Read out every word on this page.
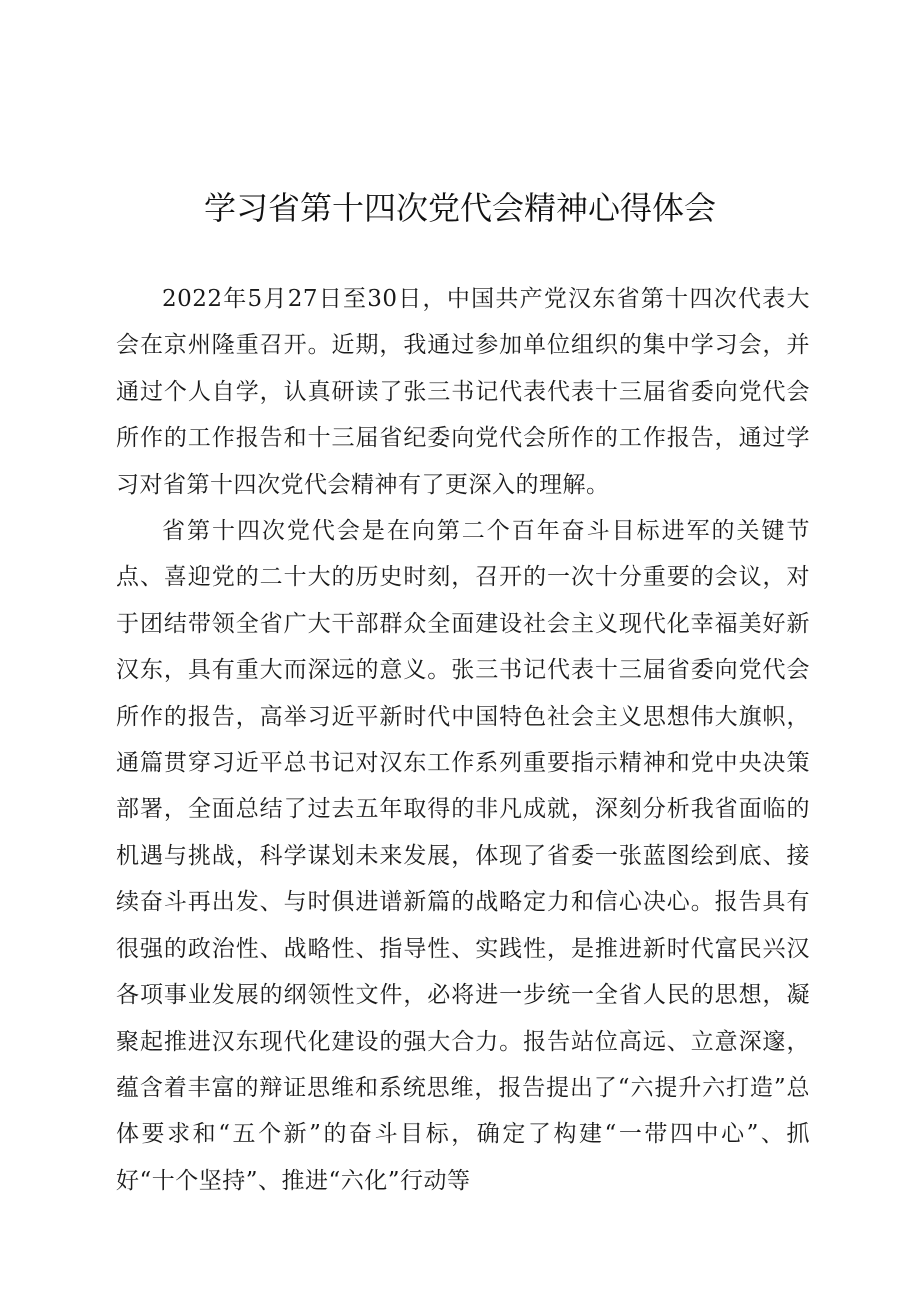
学习省第十四次党代会精神心得体会

2022年5月27日至30日，中国共产党汉东省第十四次代表大会在京州隆重召开。近期，我通过参加单位组织的集中学习会，并通过个人自学，认真研读了张三书记代表代表十三届省委向党代会所作的工作报告和十三届省纪委向党代会所作的工作报告，通过学习对省第十四次党代会精神有了更深入的理解。

省第十四次党代会是在向第二个百年奋斗目标进军的关键节点、喜迎党的二十大的历史时刻，召开的一次十分重要的会议，对于团结带领全省广大干部群众全面建设社会主义现代化幸福美好新汉东，具有重大而深远的意义。张三书记代表十三届省委向党代会所作的报告，高举习近平新时代中国特色社会主义思想伟大旗帜，通篇贯穿习近平总书记对汉东工作系列重要指示精神和党中央决策部署，全面总结了过去五年取得的非凡成就，深刻分析我省面临的机遇与挑战，科学谋划未来发展，体现了省委一张蓝图绘到底、接续奋斗再出发、与时俱进谱新篇的战略定力和信心决心。报告具有很强的政治性、战略性、指导性、实践性，是推进新时代富民兴汉各项事业发展的纲领性文件，必将进一步统一全省人民的思想，凝聚起推进汉东现代化建设的强大合力。报告站位高远、立意深邃，蕴含着丰富的辩证思维和系统思维，报告提出了“六提升六打造”总体要求和“五个新”的奋斗目标，确定了构建“一带四中心”、抓好“十个坚持”、推进“六化”行动等
